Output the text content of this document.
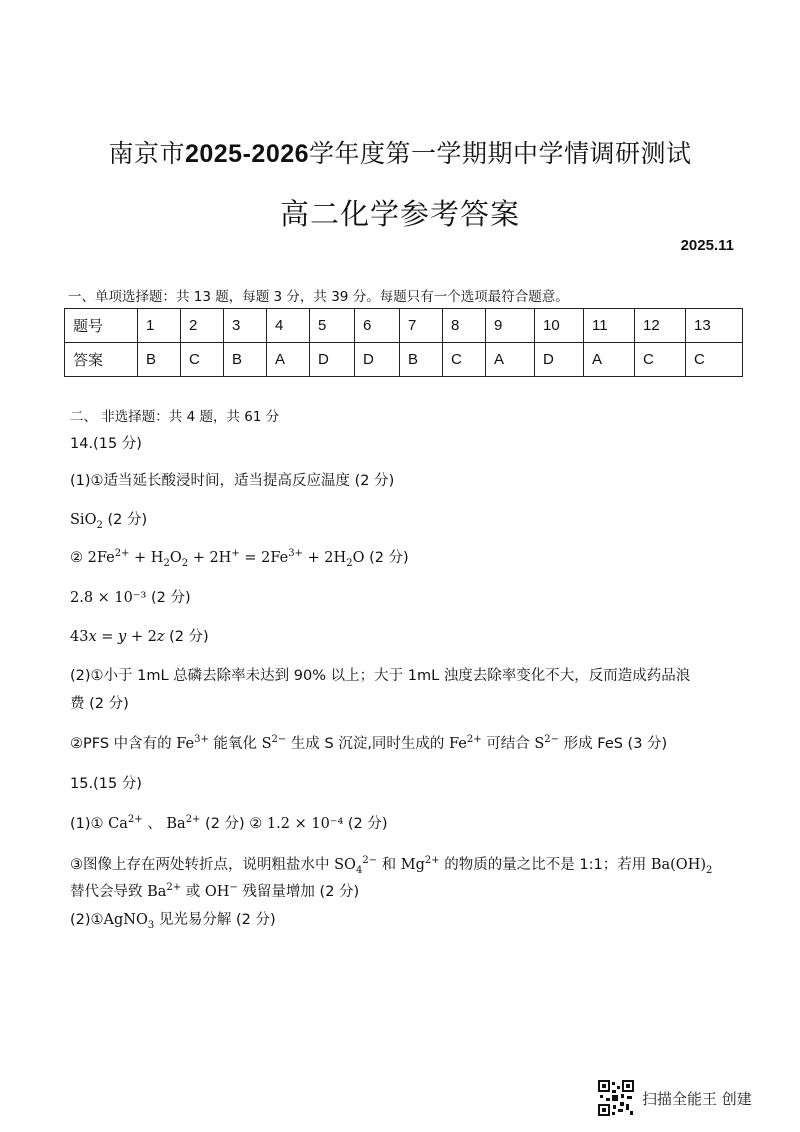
南京市2025-2026学年度第一学期期中学情调研测试
高二化学参考答案
2025.11
一、单项选择题：共 13 题，每题 3 分，共 39 分。每题只有一个选项最符合题意。
题号	1	2	3	4	5	6	7	8	9	10	11	12	13
答案	B	C	B	A	D	D	B	C	A	D	A	C	C
二、 非选择题：共 4 题，共 61 分
14.(15 分)
(1)①适当延长酸浸时间，适当提高反应温度 (2 分)
SiO$_2$ (2 分)
② $2Fe^{2+} + H_2O_2 + 2H^+ = 2Fe^{3+} + 2H_2O$ (2 分)
2.8 × 10⁻³ (2 分)
43x = y + 2z (2 分)
(2)①小于 1mL 总磷去除率未达到 90% 以上；大于 1mL 浊度去除率变化不大，反而造成药品浪
费 (2 分)
②PFS 中含有的 $Fe^{3+}$ 能氧化 $S^{2-}$ 生成 S 沉淀,同时生成的 $Fe^{2+}$ 可结合 $S^{2-}$ 形成 FeS (3 分)
15.(15 分)
(1)① $Ca^{2+}$ 、 $Ba^{2+}$ (2 分) ② 1.2 × 10⁻⁴ (2 分)
③图像上存在两处转折点，说明粗盐水中 $SO_4^{2-}$ 和 $Mg^{2+}$ 的物质的量之比不是 1:1；若用 $Ba(OH)_2$
替代会导致 $Ba^{2+}$ 或 OH− 残留量增加 (2 分)
(2)①AgNO$_3$ 见光易分解 (2 分)
扫描全能王 创建
